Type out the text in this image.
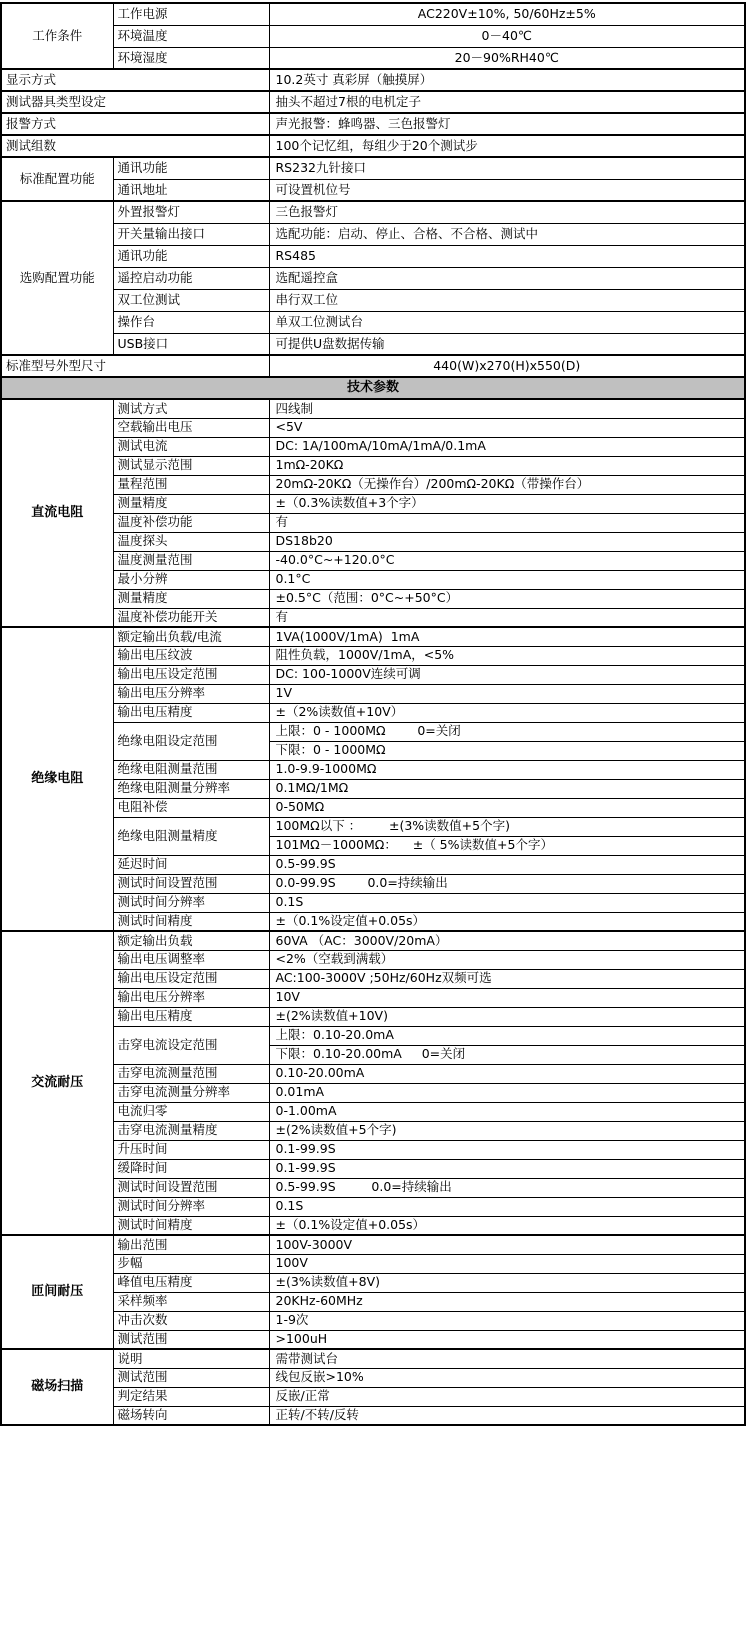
工作条件	工作电源	AC220V±10%, 50/60Hz±5%
	环境温度	0－40℃
	环境湿度	20－90%RH40℃
显示方式		10.2英寸 真彩屏（触摸屏）
测试器具类型设定		抽头不超过7根的电机定子
报警方式		声光报警：蜂鸣器、三色报警灯
测试组数		100个记忆组，每组少于20个测试步
标准配置功能	通讯功能	RS232九针接口
	通讯地址	可设置机位号
选购配置功能	外置报警灯	三色报警灯
	开关量输出接口	选配功能：启动、停止、合格、不合格、测试中
	通讯功能	RS485
	遥控启动功能	选配遥控盒
	双工位测试	串行双工位
	操作台	单双工位测试台
	USB接口	可提供U盘数据传输
标准型号外型尺寸		440(W)x270(H)x550(D)
技术参数		
直流电阻	测试方式	四线制
	空载输出电压	<5V
	测试电流	DC: 1A/100mA/10mA/1mA/0.1mA
	测试显示范围	1mΩ-20KΩ
	量程范围	20mΩ-20KΩ（无操作台）/200mΩ-20KΩ（带操作台）
	测量精度	±（0.3%读数值+3个字）
	温度补偿功能	有
	温度探头	DS18b20
	温度测量范围	-40.0°C~+120.0°C
	最小分辨	0.1°C
	测量精度	±0.5°C（范围：0°C~+50°C）
	温度补偿功能开关	有
绝缘电阻	额定输出负载/电流	1VA(1000V/1mA)  1mA
	输出电压纹波	阻性负载，1000V/1mA，<5%
	输出电压设定范围	DC: 100-1000V连续可调
	输出电压分辨率	1V
	输出电压精度	±（2%读数值+10V）
	绝缘电阻设定范围	上限：0 - 1000MΩ        0=关闭
		下限：0 - 1000MΩ
	绝缘电阻测量范围	1.0-9.9-1000MΩ
	绝缘电阻测量分辨率	0.1MΩ/1MΩ
	电阻补偿	0-50MΩ
	绝缘电阻测量精度	100MΩ以下 ：       ±(3%读数值+5个字)
		101MΩ－1000MΩ：    ±（ 5%读数值+5个字）
	延迟时间	0.5-99.9S
	测试时间设置范围	0.0-99.9S        0.0=持续输出
	测试时间分辨率	0.1S
	测试时间精度	±（0.1%设定值+0.05s）
交流耐压	额定输出负载	60VA （AC：3000V/20mA）
	输出电压调整率	<2%（空载到满载）
	输出电压设定范围	AC:100-3000V ;50Hz/60Hz双频可选
	输出电压分辨率	10V
	输出电压精度	±(2%读数值+10V)
	击穿电流设定范围	上限：0.10-20.0mA
		下限：0.10-20.00mA     0=关闭
	击穿电流测量范围	0.10-20.00mA
	击穿电流测量分辨率	0.01mA
	电流归零	0-1.00mA
	击穿电流测量精度	±(2%读数值+5个字)
	升压时间	0.1-99.9S
	缓降时间	0.1-99.9S
	测试时间设置范围	0.5-99.9S         0.0=持续输出
	测试时间分辨率	0.1S
	测试时间精度	±（0.1%设定值+0.05s）
匝间耐压	输出范围	100V-3000V
	步幅	100V
	峰值电压精度	±(3%读数值+8V)
	采样频率	20KHz-60MHz
	冲击次数	1-9次
	测试范围	>100uH
磁场扫描	说明	需带测试台
	测试范围	线包反嵌>10%
	判定结果	反嵌/正常
	磁场转向	正转/不转/反转
